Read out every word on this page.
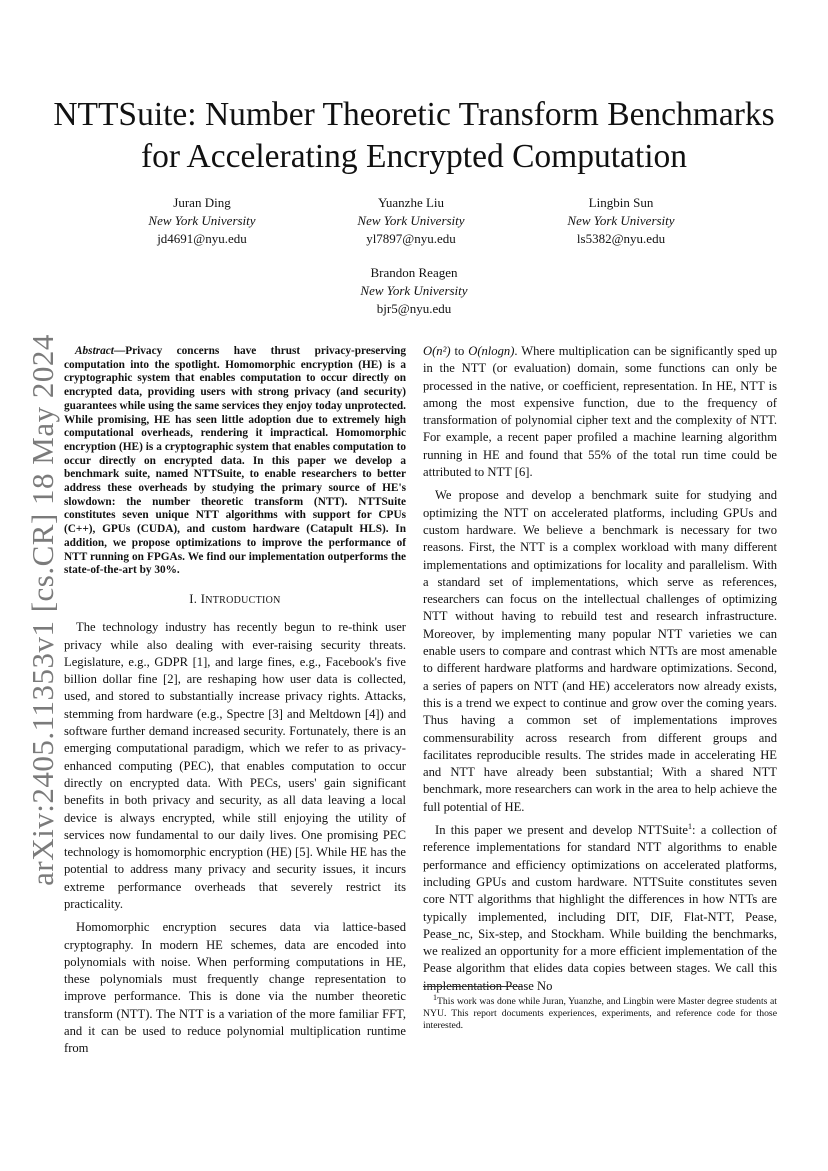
arXiv:2405.11353v1 [cs.CR] 18 May 2024
NTTSuite: Number Theoretic Transform Benchmarks for Accelerating Encrypted Computation
Juran Ding
New York University
jd4691@nyu.edu
Yuanzhe Liu
New York University
yl7897@nyu.edu
Lingbin Sun
New York University
ls5382@nyu.edu
Brandon Reagen
New York University
bjr5@nyu.edu

Abstract—Privacy concerns have thrust privacy-preserving computation into the spotlight. Homomorphic encryption (HE) is a cryptographic system that enables computation to occur directly on encrypted data, providing users with strong privacy (and security) guarantees while using the same services they enjoy today unprotected. While promising, HE has seen little adoption due to extremely high computational overheads, rendering it impractical. Homomorphic encryption (HE) is a cryptographic system that enables computation to occur directly on encrypted data. In this paper we develop a benchmark suite, named NTTSuite, to enable researchers to better address these overheads by studying the primary source of HE's slowdown: the number theoretic transform (NTT). NTTSuite constitutes seven unique NTT algorithms with support for CPUs (C++), GPUs (CUDA), and custom hardware (Catapult HLS). In addition, we propose optimizations to improve the performance of NTT running on FPGAs. We find our implementation outperforms the state-of-the-art by 30%.

I. INTRODUCTION

The technology industry has recently begun to re-think user privacy while also dealing with ever-raising security threats. Legislature, e.g., GDPR [1], and large fines, e.g., Facebook's five billion dollar fine [2], are reshaping how user data is collected, used, and stored to substantially increase privacy rights. Attacks, stemming from hardware (e.g., Spectre [3] and Meltdown [4]) and software further demand increased security. Fortunately, there is an emerging computational paradigm, which we refer to as privacy-enhanced computing (PEC), that enables computation to occur directly on encrypted data. With PECs, users' gain significant benefits in both privacy and security, as all data leaving a local device is always encrypted, while still enjoying the utility of services now fundamental to our daily lives. One promising PEC technology is homomorphic encryption (HE) [5]. While HE has the potential to address many privacy and security issues, it incurs extreme performance overheads that severely restrict its practicality.

Homomorphic encryption secures data via lattice-based cryptography. In modern HE schemes, data are encoded into polynomials with noise. When performing computations in HE, these polynomials must frequently change representation to improve performance. This is done via the number theoretic transform (NTT). The NTT is a variation of the more familiar FFT, and it can be used to reduce polynomial multiplication runtime from

O(n²) to O(nlogn). Where multiplication can be significantly sped up in the NTT (or evaluation) domain, some functions can only be processed in the native, or coefficient, representation. In HE, NTT is among the most expensive function, due to the frequency of transformation of polynomial cipher text and the complexity of NTT. For example, a recent paper profiled a machine learning algorithm running in HE and found that 55% of the total run time could be attributed to NTT [6].

We propose and develop a benchmark suite for studying and optimizing the NTT on accelerated platforms, including GPUs and custom hardware. We believe a benchmark is necessary for two reasons. First, the NTT is a complex workload with many different implementations and optimizations for locality and parallelism. With a standard set of implementations, which serve as references, researchers can focus on the intellectual challenges of optimizing NTT without having to rebuild test and research infrastructure. Moreover, by implementing many popular NTT varieties we can enable users to compare and contrast which NTTs are most amenable to different hardware platforms and hardware optimizations. Second, a series of papers on NTT (and HE) accelerators now already exists, this is a trend we expect to continue and grow over the coming years. Thus having a common set of implementations improves commensurability across research from different groups and facilitates reproducible results. The strides made in accelerating HE and NTT have already been substantial; With a shared NTT benchmark, more researchers can work in the area to help achieve the full potential of HE.

In this paper we present and develop NTTSuite$^1$: a collection of reference implementations for standard NTT algorithms to enable performance and efficiency optimizations on accelerated platforms, including GPUs and custom hardware. NTTSuite constitutes seven core NTT algorithms that highlight the differences in how NTTs are typically implemented, including DIT, DIF, Flat-NTT, Pease, Pease_nc, Six-step, and Stockham. While building the benchmarks, we realized an opportunity for a more efficient implementation of the Pease algorithm that elides data copies between stages. We call this implementation Pease No

$^1$This work was done while Juran, Yuanzhe, and Lingbin were Master degree students at NYU. This report documents experiences, experiments, and reference code for those interested.
